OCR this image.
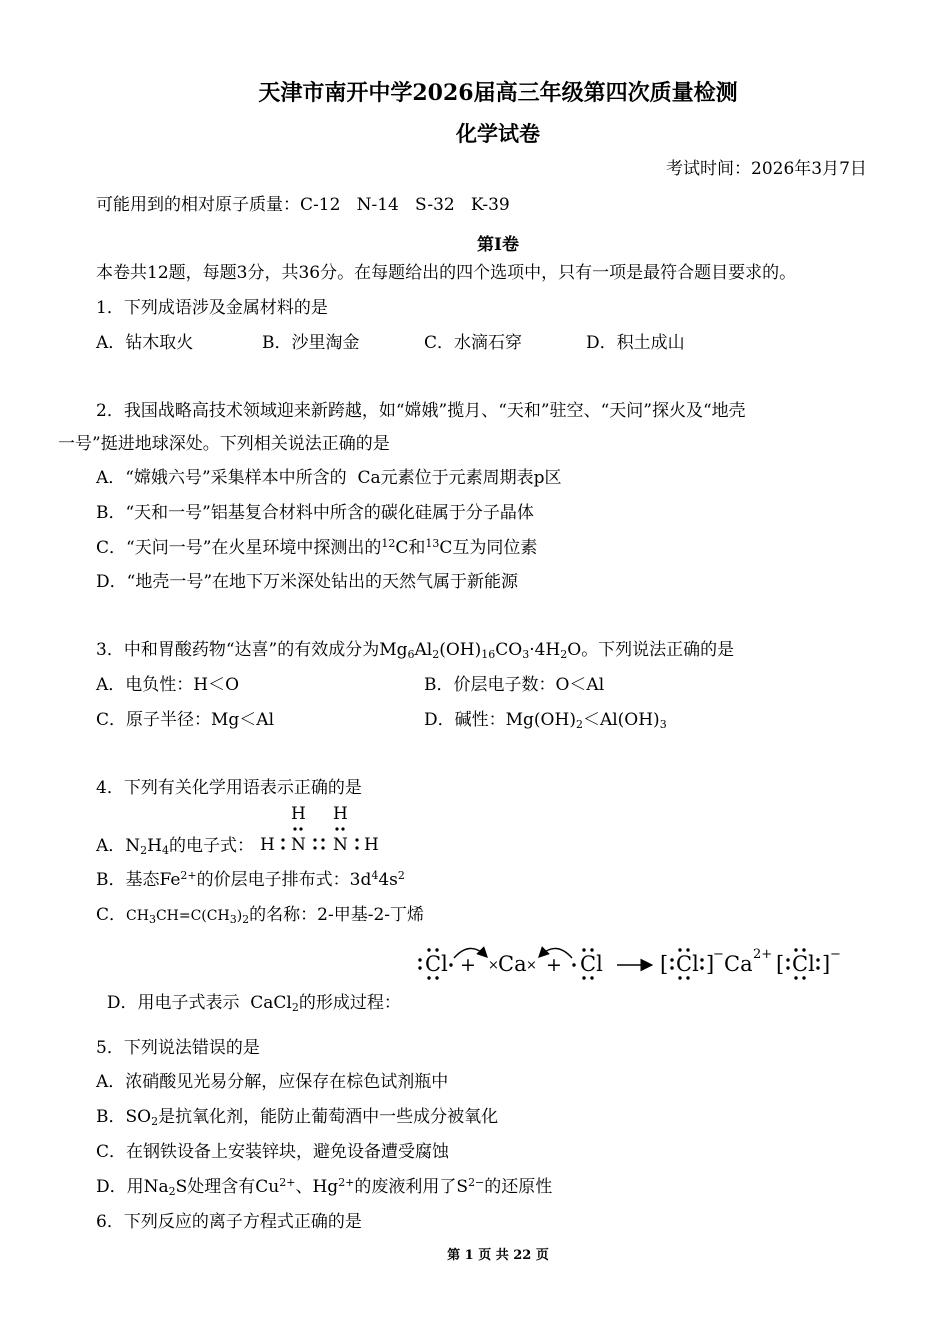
天津市南开中学2026届高三年级第四次质量检测
化学试卷
考试时间：2026年3月7日
可能用到的相对原子质量：C-12   N-14   S-32   K-39
第Ⅰ卷
本卷共12题，每题3分，共36分。在每题给出的四个选项中，只有一项是最符合题目要求的。
1．下列成语涉及金属材料的是
A．钻木取火	B．沙里淘金	C．水滴石穿	D．积土成山
2．我国战略高技术领域迎来新跨越，如“嫦娥”揽月、“天和”驻空、“天问”探火及“地壳
一号”挺进地球深处。下列相关说法正确的是
A．“嫦娥六号”采集样本中所含的  Ca元素位于元素周期表p区
B．“天和一号”铝基复合材料中所含的碳化硅属于分子晶体
C．“天问一号”在火星环境中探测出的$^{12}$C和$^{13}$C互为同位素
D．“地壳一号”在地下万米深处钻出的天然气属于新能源
3．中和胃酸药物“达喜”的有效成分为$Mg_6Al_2(OH)_{16}CO_3\cdot 4H_2O$。下列说法正确的是
A．电负性：H＜O	B．价层电子数：O＜Al
C．原子半径：Mg＜Al	D．碱性：$Mg(OH)_2<Al(OH)_3$
4．下列有关化学用语表示正确的是
A．$N_2H_4$的电子式：
H H
H N N H
B．基态$Fe^{2+}$的价层电子排布式：$3d^44s^2$
C．$CH_3CH=C(CH_3)_2$的名称：2-甲基-2-丁烯

D．用电子式表示  CaCl$_2$的形成过程：

Cl + × Ca × + Cl	[ Cl ]
− Ca 2+ [ Cl ] −
5．下列说法错误的是
A．浓硝酸见光易分解，应保存在棕色试剂瓶中
B．$SO_2$是抗氧化剂，能防止葡萄酒中一些成分被氧化
C．在钢铁设备上安装锌块，避免设备遭受腐蚀
D．用$Na_2S$处理含有$Cu^{2+}$、$Hg^{2+}$的废液利用了$S^{2-}$的还原性
6．下列反应的离子方程式正确的是
第 1 页 共 22 页
